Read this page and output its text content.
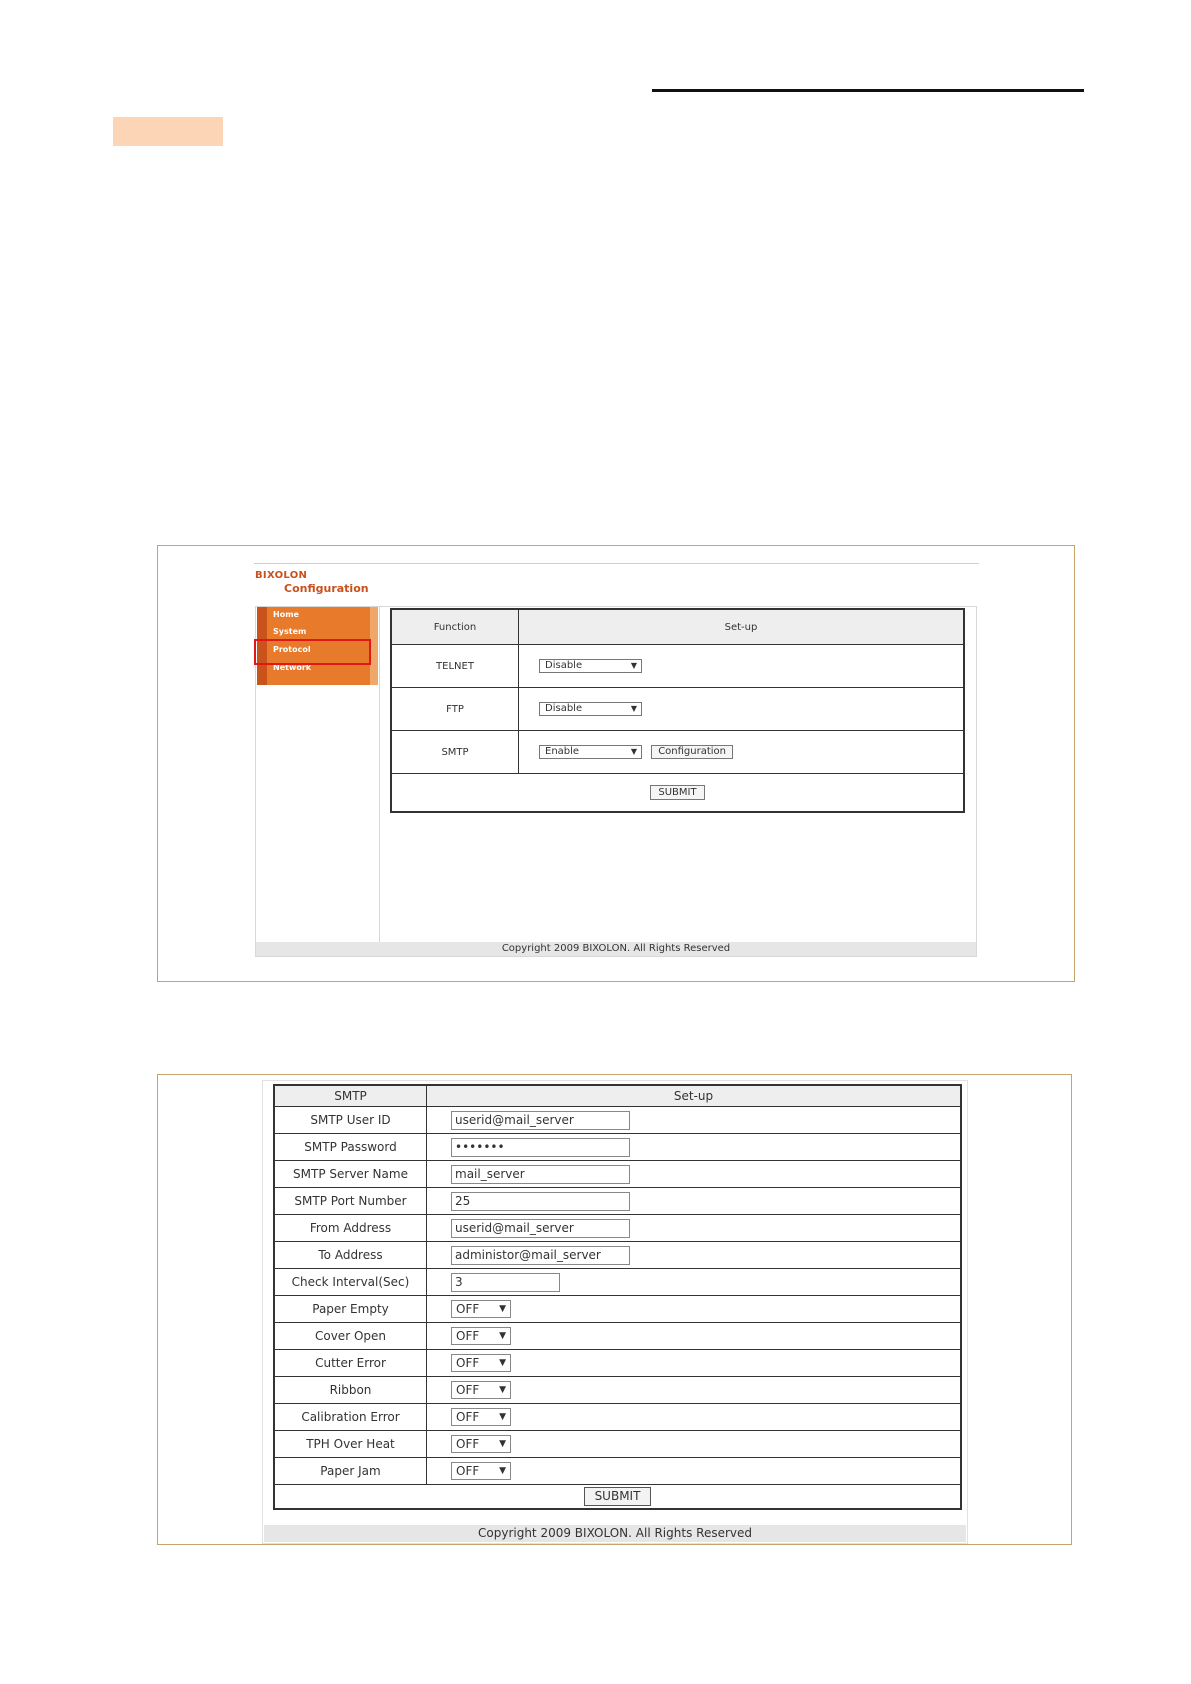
BIXOLON
Configuration
Home
System
Protocol
Network
Copyright 2009 BIXOLON. All Rights Reserved
Function	Set-up
TELNET	Disable ▼

FTP	Disable ▼

SMTP	Enable ▼ Configuration
SUBMIT	
SMTP	Set-up
SMTP User ID	userid@mail_server
SMTP Password	•••••••
SMTP Server Name	mail_server
SMTP Port Number	25
From Address	userid@mail_server
To Address	administor@mail_server
Check Interval(Sec)	3
Paper Empty	OFF ▼

Cover Open	OFF ▼

Cutter Error	OFF ▼

Ribbon	OFF ▼

Calibration Error	OFF ▼

TPH Over Heat	OFF ▼

Paper Jam	OFF ▼

SUBMIT	
Copyright 2009 BIXOLON. All Rights Reserved
